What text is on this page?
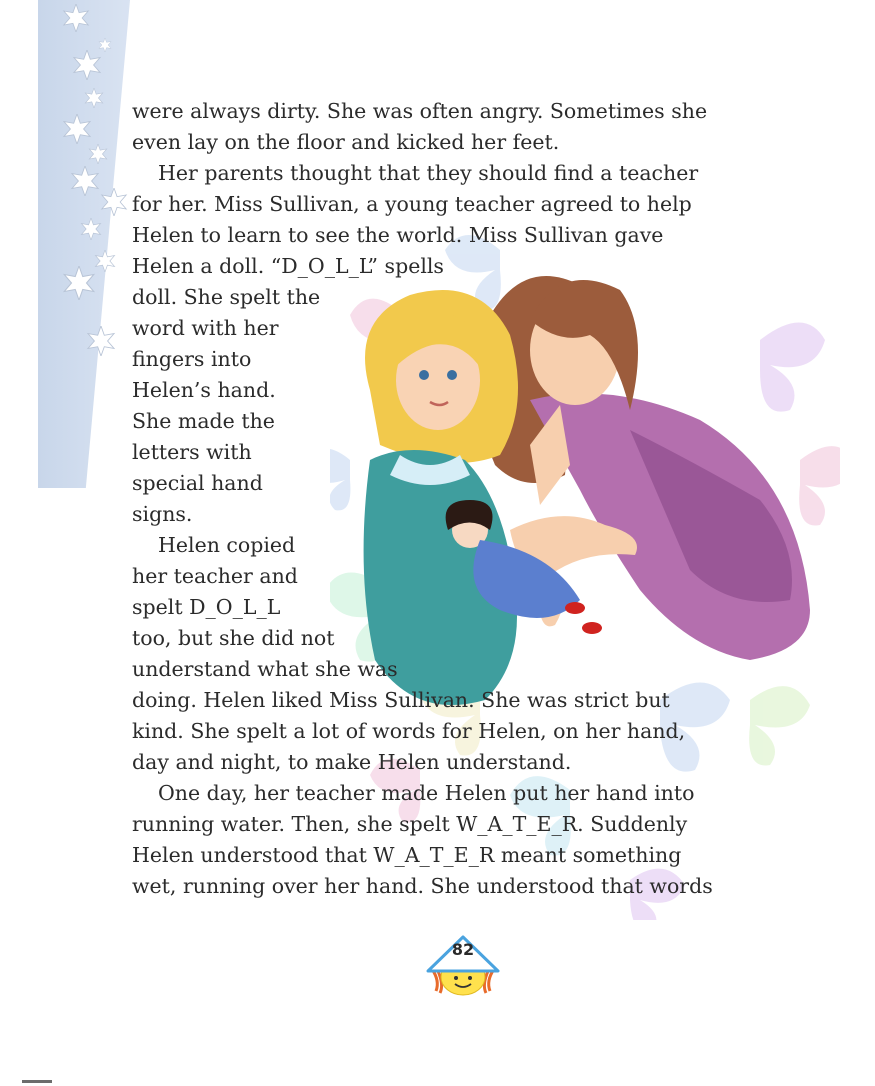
were always dirty. She was often angry. Sometimes she
even lay on the floor and kicked her feet.
Her parents thought that they should find a teacher
for her. Miss Sullivan, a young teacher agreed to help
Helen to learn to see the world. Miss Sullivan gave
Helen a doll. “D_O_L_L” spells
doll. She spelt the
word with her
fingers into
Helen’s hand.
She made the
letters with
special hand
signs.
Helen copied
her teacher and
spelt D_O_L_L
too, but she did not
understand what she was
doing. Helen liked Miss Sullivan. She was strict but
kind. She spelt a lot of words for Helen, on her hand,
day and night, to make Helen understand.
One day, her teacher made Helen put her hand into
running water. Then, she spelt W_A_T_E_R. Suddenly
Helen understood that W_A_T_E_R meant something
wet, running over her hand. She understood that words
82
